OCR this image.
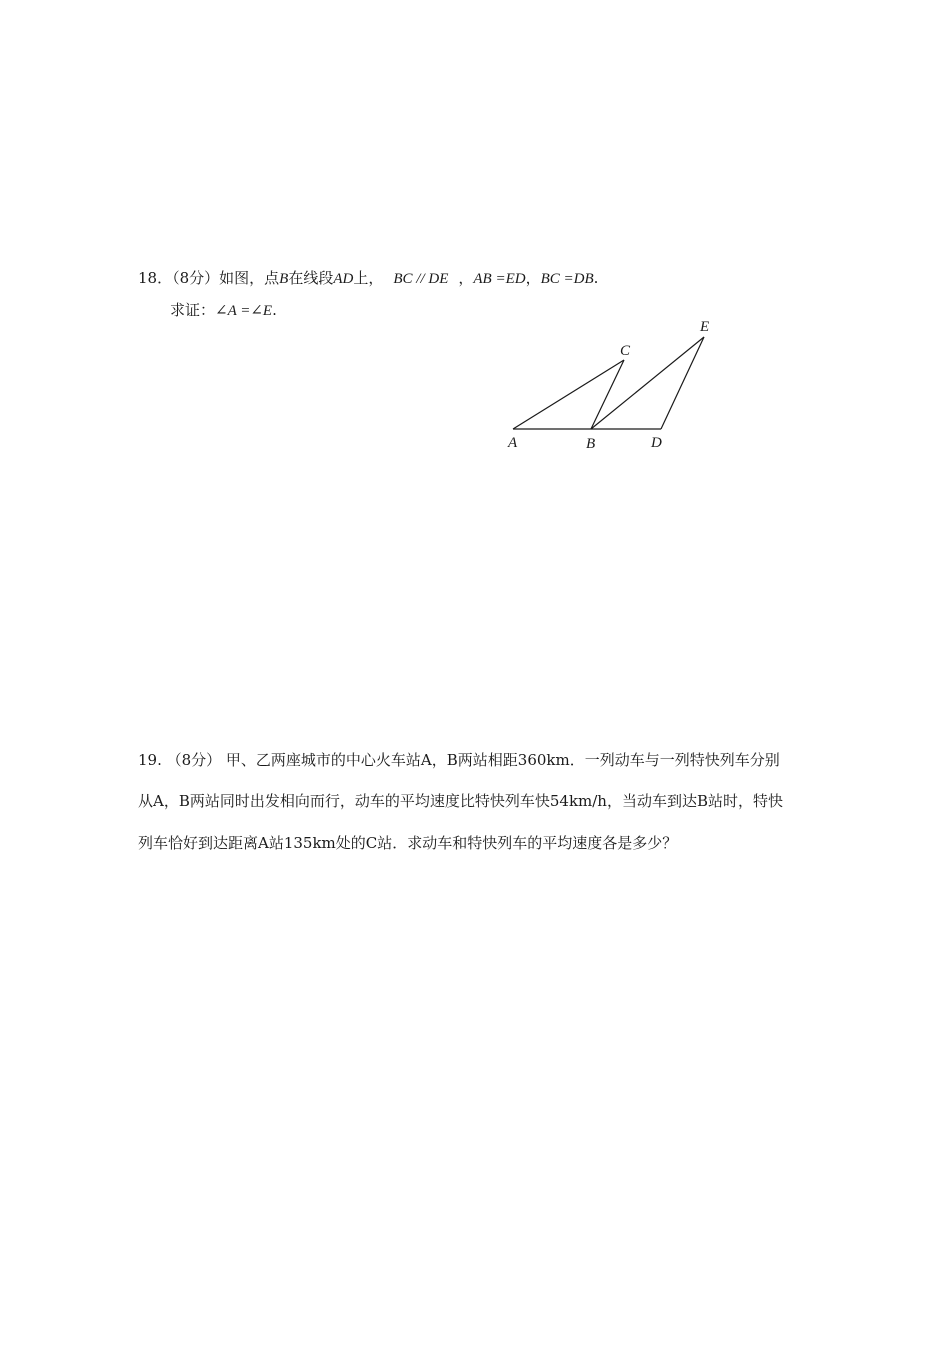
18．（8分）如图，点B在线段AD上， BC // DE ，AB =ED，BC =DB.
求证：∠A =∠E.
A	B
C
D
E
19. （8分） 甲、乙两座城市的中心火车站A，B两站相距360km．一列动车与一列特快列车分别
从A，B两站同时出发相向而行，动车的平均速度比特快列车快54km/h，当动车到达B站时，特快
列车恰好到达距离A站135km处的C站．求动车和特快列车的平均速度各是多少？
